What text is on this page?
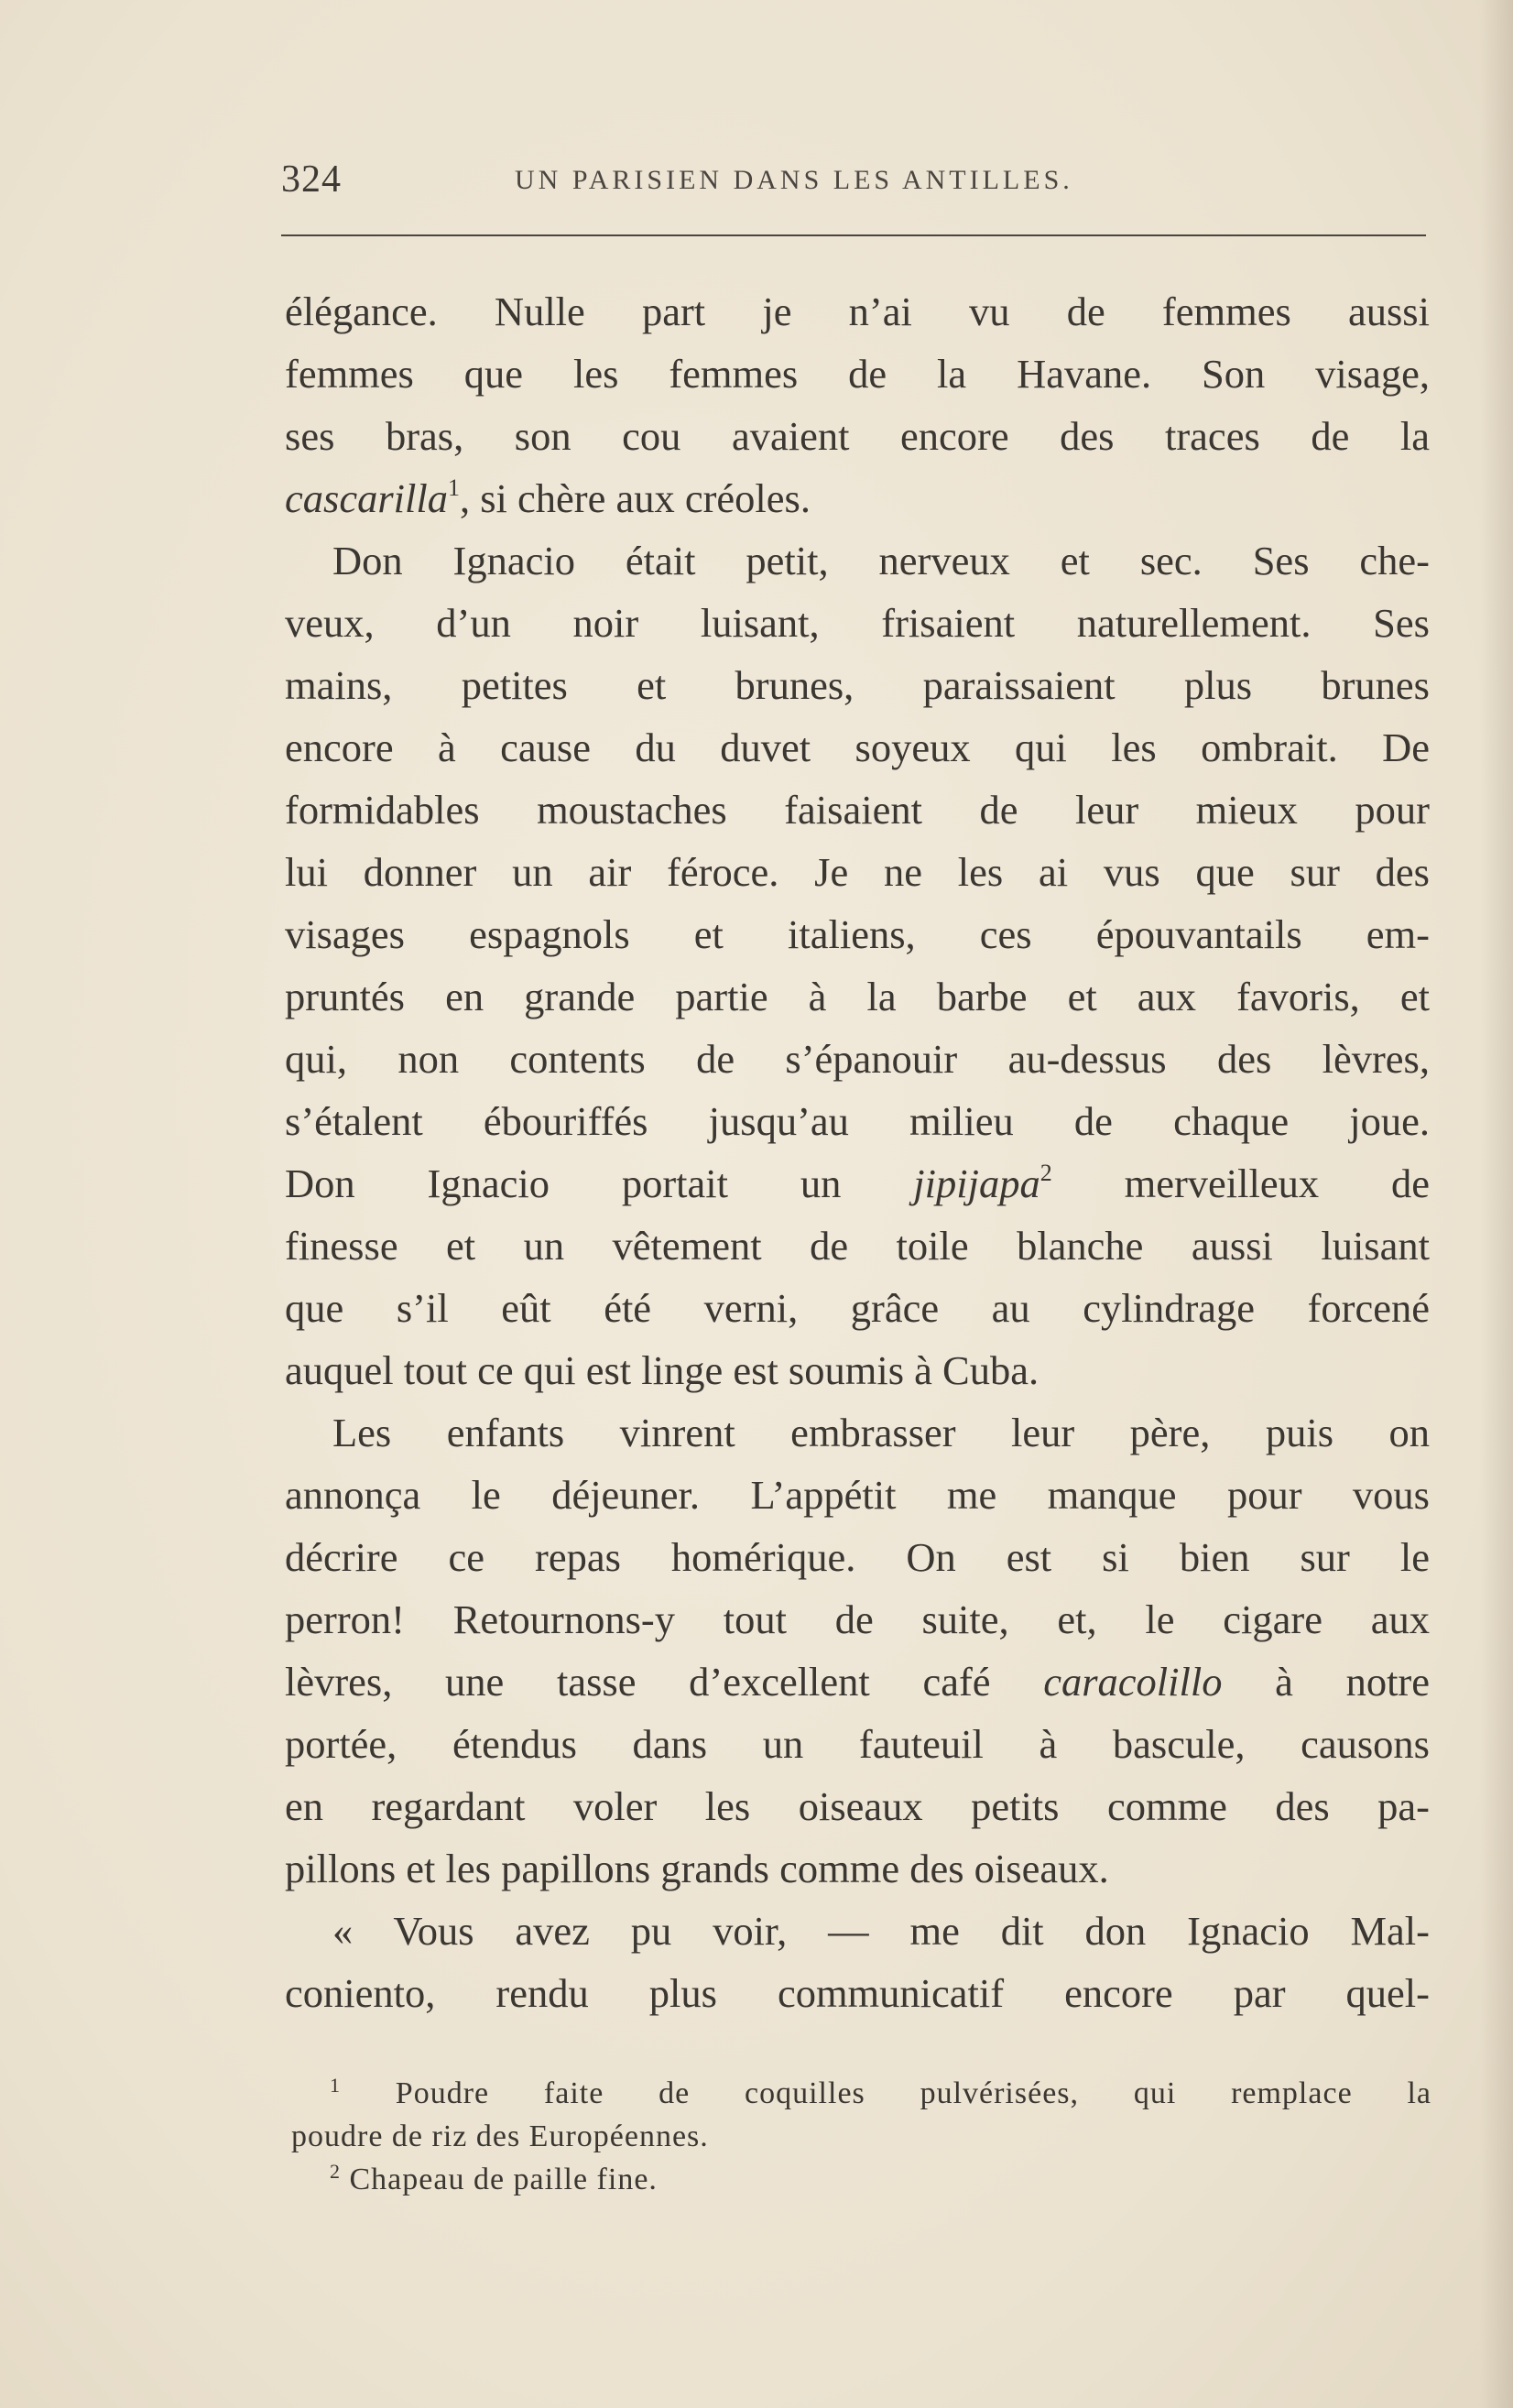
324	UN PARISIEN DANS LES ANTILLES.
élégance. Nulle part je n’ai vu de femmes aussi
femmes que les femmes de la Havane. Son visage,
ses bras, son cou avaient encore des traces de la
cascarilla$^1$, si chère aux créoles.
Don Ignacio était petit, nerveux et sec. Ses che-
veux, d’un noir luisant, frisaient naturellement. Ses
mains, petites et brunes, paraissaient plus brunes
encore à cause du duvet soyeux qui les ombrait. De
formidables moustaches faisaient de leur mieux pour
lui donner un air féroce. Je ne les ai vus que sur des
visages espagnols et italiens, ces épouvantails em-
pruntés en grande partie à la barbe et aux favoris, et
qui, non contents de s’épanouir au-dessus des lèvres,
s’étalent ébouriffés jusqu’au milieu de chaque joue.
Don Ignacio portait un jipijapa$^2$ merveilleux de
finesse et un vêtement de toile blanche aussi luisant
que s’il eût été verni, grâce au cylindrage forcené
auquel tout ce qui est linge est soumis à Cuba.
Les enfants vinrent embrasser leur père, puis on
annonça le déjeuner. L’appétit me manque pour vous
décrire ce repas homérique. On est si bien sur le
perron! Retournons-y tout de suite, et, le cigare aux
lèvres, une tasse d’excellent café caracolillo à notre
portée, étendus dans un fauteuil à bascule, causons
en regardant voler les oiseaux petits comme des pa-
pillons et les papillons grands comme des oiseaux.
« Vous avez pu voir, — me dit don Ignacio Mal-
coniento, rendu plus communicatif encore par quel-
$^1$ Poudre faite de coquilles pulvérisées, qui remplace la
poudre de riz des Européennes.
$^2$ Chapeau de paille fine.
